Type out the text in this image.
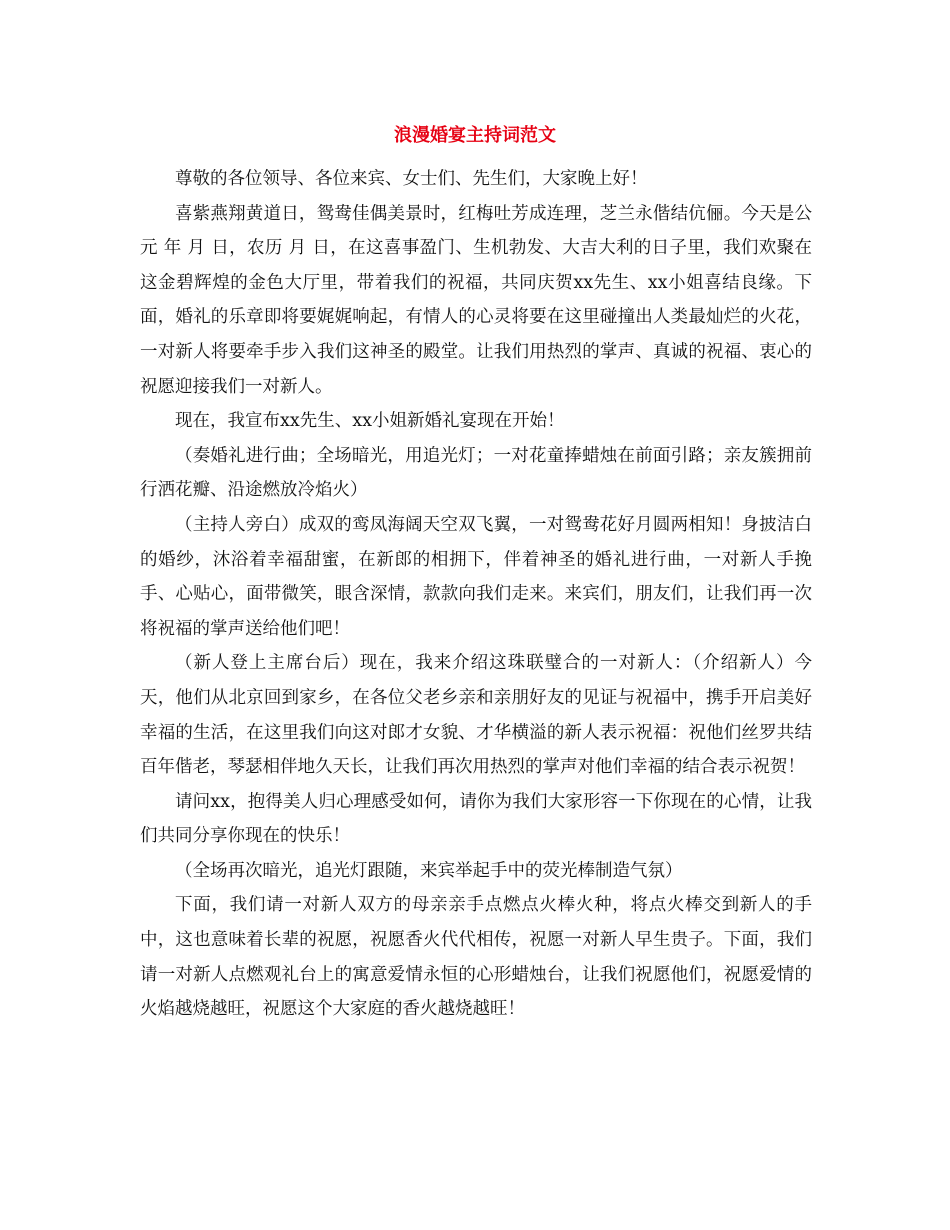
浪漫婚宴主持词范文

尊敬的各位领导、各位来宾、女士们、先生们，大家晚上好！

喜紫燕翔黄道日，鸳鸯佳偶美景时，红梅吐芳成连理，芝兰永偕结伉俪。今天是公元 年 月 日，农历 月 日，在这喜事盈门、生机勃发、大吉大利的日子里，我们欢聚在这金碧辉煌的金色大厅里，带着我们的祝福，共同庆贺xx先生、xx小姐喜结良缘。下面，婚礼的乐章即将要娓娓响起，有情人的心灵将要在这里碰撞出人类最灿烂的火花，一对新人将要牵手步入我们这神圣的殿堂。让我们用热烈的掌声、真诚的祝福、衷心的祝愿迎接我们一对新人。

现在，我宣布xx先生、xx小姐新婚礼宴现在开始！

（奏婚礼进行曲；全场暗光，用追光灯；一对花童捧蜡烛在前面引路；亲友簇拥前行洒花瓣、沿途燃放冷焰火）

（主持人旁白）成双的鸾凤海阔天空双飞翼，一对鸳鸯花好月圆两相知！身披洁白的婚纱，沐浴着幸福甜蜜，在新郎的相拥下，伴着神圣的婚礼进行曲，一对新人手挽手、心贴心，面带微笑，眼含深情，款款向我们走来。来宾们，朋友们，让我们再一次将祝福的掌声送给他们吧！

（新人登上主席台后）现在，我来介绍这珠联璧合的一对新人：（介绍新人）今天，他们从北京回到家乡，在各位父老乡亲和亲朋好友的见证与祝福中，携手开启美好幸福的生活，在这里我们向这对郎才女貌、才华横溢的新人表示祝福：祝他们丝罗共结百年偕老，琴瑟相伴地久天长，让我们再次用热烈的掌声对他们幸福的结合表示祝贺！

请问xx，抱得美人归心理感受如何，请你为我们大家形容一下你现在的心情，让我们共同分享你现在的快乐！

（全场再次暗光，追光灯跟随，来宾举起手中的荧光棒制造气氛）

下面，我们请一对新人双方的母亲亲手点燃点火棒火种，将点火棒交到新人的手中，这也意味着长辈的祝愿，祝愿香火代代相传，祝愿一对新人早生贵子。下面，我们请一对新人点燃观礼台上的寓意爱情永恒的心形蜡烛台，让我们祝愿他们，祝愿爱情的火焰越烧越旺，祝愿这个大家庭的香火越烧越旺！
